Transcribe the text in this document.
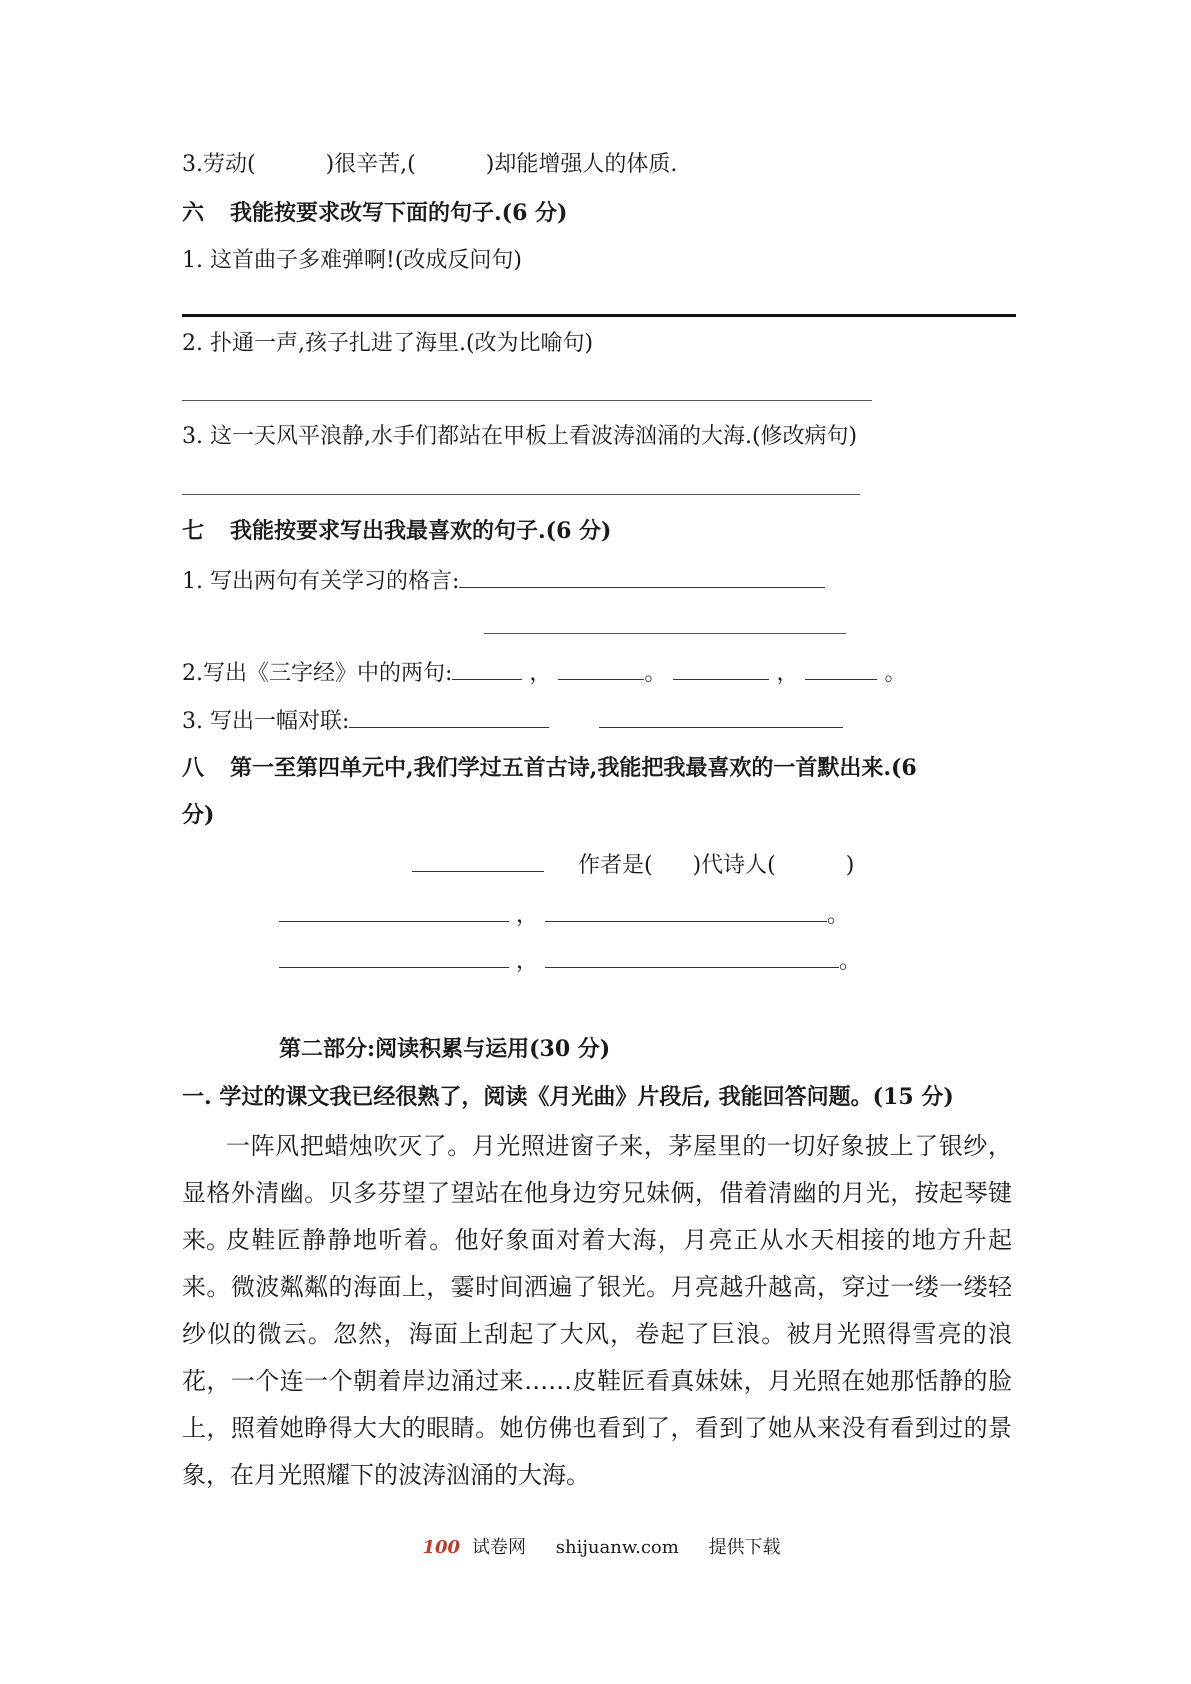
3.劳动(	)很辛苦,(	)却能增强人的体质.
六 我能按要求改写下面的句子.(6 分)
1. 这首曲子多难弹啊!(改成反问句)
2. 扑通一声,孩子扎进了海里.(改为比喻句)
3. 这一天风平浪静,水手们都站在甲板上看波涛汹涌的大海.(修改病句)
七 我能按要求写出我最喜欢的句子.(6 分)
1. 写出两句有关学习的格言:
2.写出《三字经》中的两句:	，	。	，	。
3. 写出一幅对联:
八 第一至第四单元中,我们学过五首古诗,我能把我最喜欢的一首默出来.(6
分)
作者是( )代诗人(	)
，	。
，	。
第二部分:阅读积累与运用(30 分)
一. 学过的课文我已经很熟了，阅读《月光曲》片段后, 我能回答问题。(15 分)
一阵风把蜡烛吹灭了。月光照进窗子来，茅屋里的一切好象披上了银纱，显格外清幽。贝多芬望了望站在他身边穷兄妹俩，借着清幽的月光，按起琴键来。
皮鞋匠静静地听着。他好象面对着大海，月亮正从水天相接的地方升起来。微波粼粼的海面上，霎时间洒遍了银光。月亮越升越高，穿过一缕一缕轻纱似的微云。忽然，海面上刮起了大风，卷起了巨浪。被月光照得雪亮的浪花，一个连一个朝着岸边涌过来……皮鞋匠看真妹妹，月光照在她那恬静的脸上，照着她睁得大大的眼睛。她仿佛也看到了，看到了她从来没有看到过的景象，在月光照耀下的波涛汹涌的大海。
100 试卷网 shijuanw.com 提供下载
